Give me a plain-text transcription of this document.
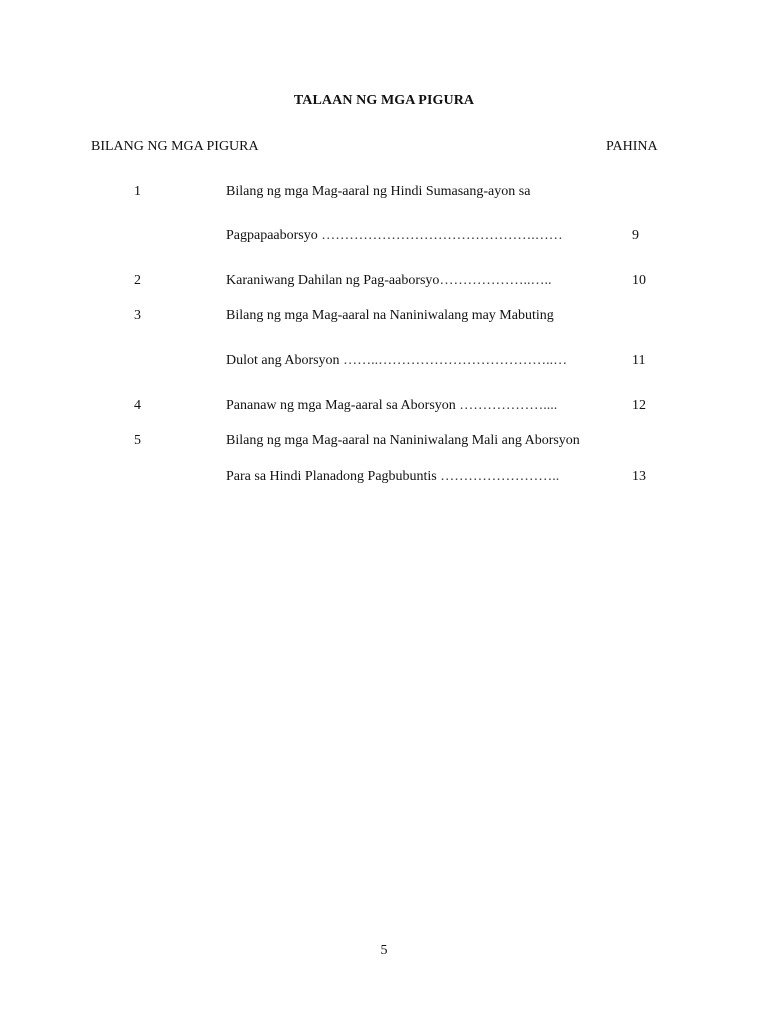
TALAAN NG MGA PIGURA
BILANG NG MGA PIGURA	PAHINA
1	Bilang ng mga Mag-aaral ng Hindi Sumasang-ayon sa
Pagpapaaborsyo ……………………………………….……	9
2	Karaniwang Dahilan ng Pag-aaborsyo………………..…..	10
3	Bilang ng mga Mag-aaral na Naniniwalang may Mabuting
Dulot ang Aborsyon ……..………………………………..…	11
4	Pananaw ng mga Mag-aaral sa Aborsyon ………………....	12
5	Bilang ng mga Mag-aaral na Naniniwalang Mali ang Aborsyon
Para sa Hindi Planadong Pagbubuntis ……………………..	13
5
